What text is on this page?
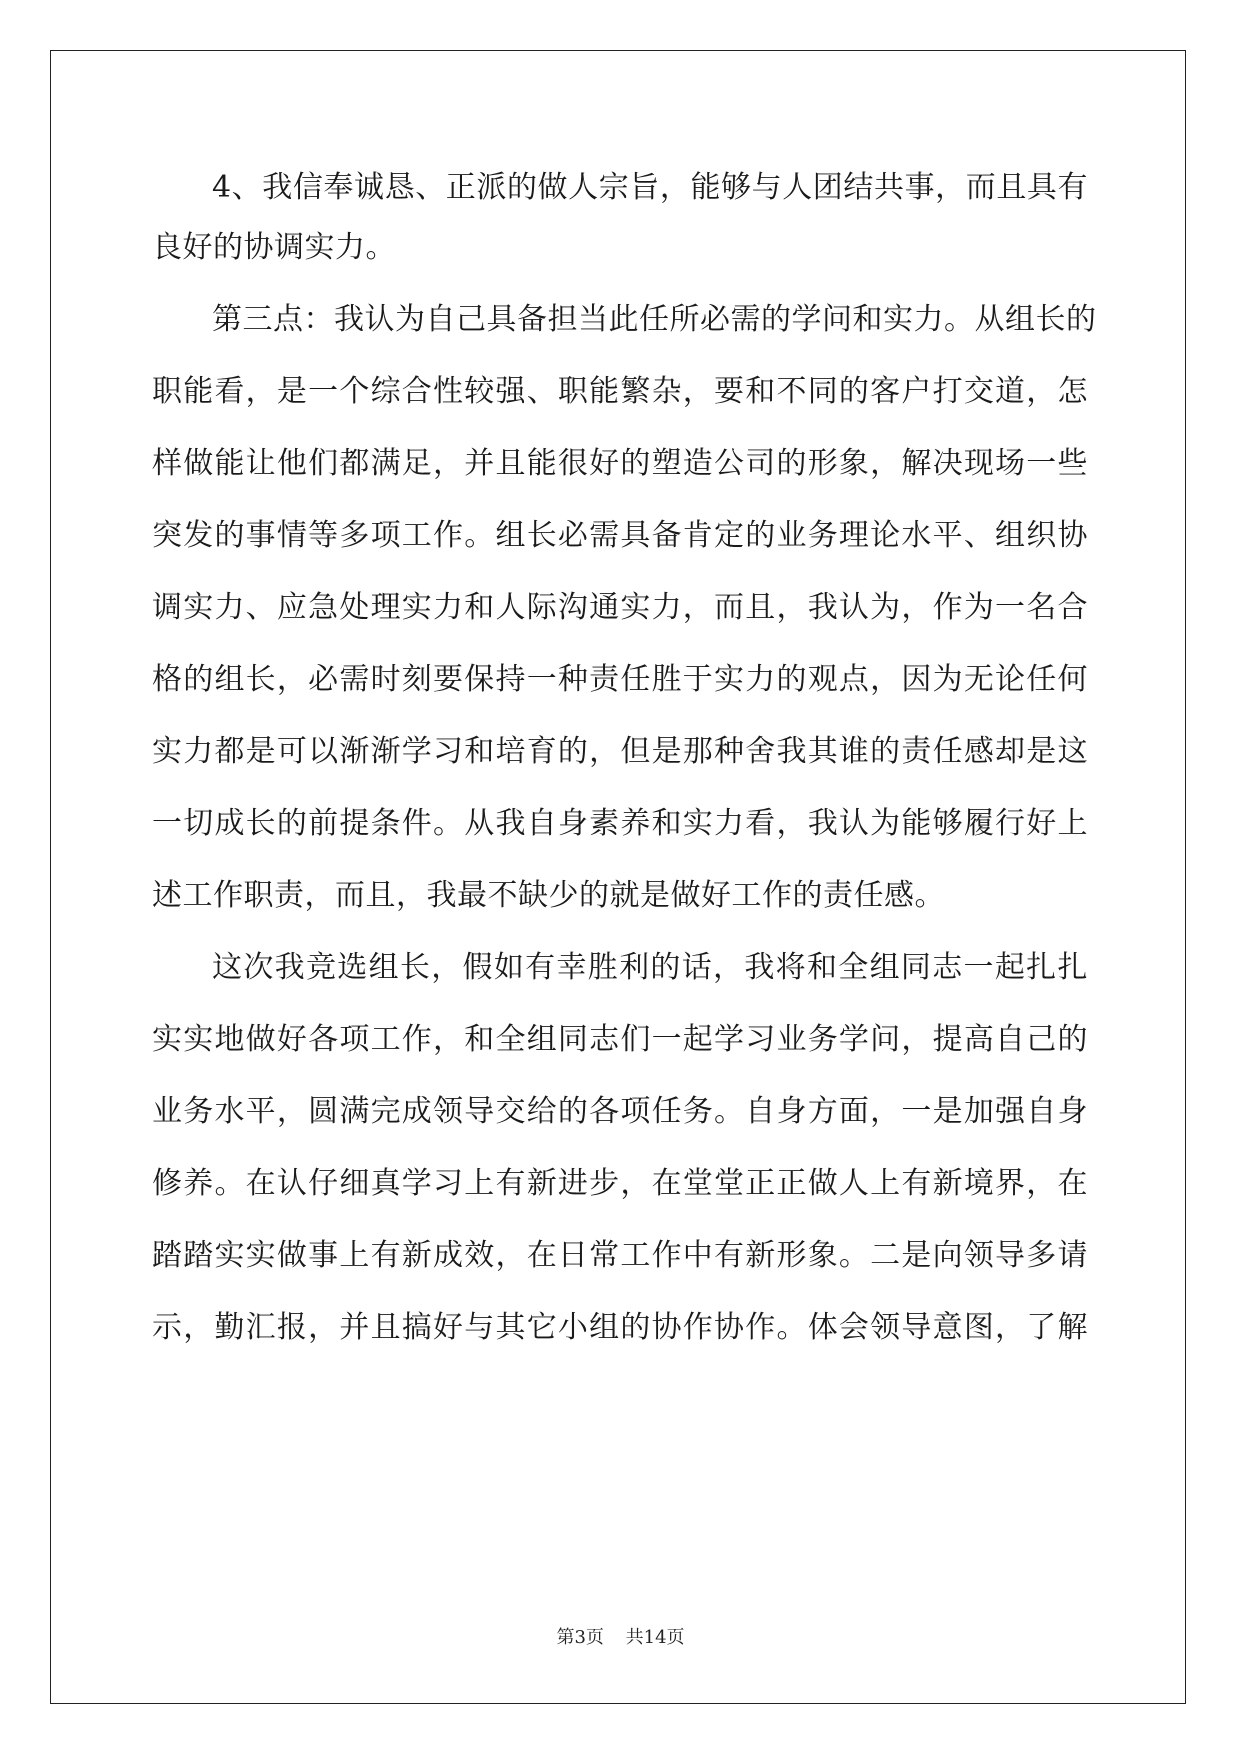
4、我信奉诚恳、正派的做人宗旨，能够与人团结共事，而且具有
良好的协调实力。
第三点：我认为自己具备担当此任所必需的学问和实力。从组长的
职能看，是一个综合性较强、职能繁杂，要和不同的客户打交道，怎
样做能让他们都满足，并且能很好的塑造公司的形象，解决现场一些
突发的事情等多项工作。组长必需具备肯定的业务理论水平、组织协
调实力、应急处理实力和人际沟通实力，而且，我认为，作为一名合
格的组长，必需时刻要保持一种责任胜于实力的观点，因为无论任何
实力都是可以渐渐学习和培育的，但是那种舍我其谁的责任感却是这
一切成长的前提条件。从我自身素养和实力看，我认为能够履行好上
述工作职责，而且，我最不缺少的就是做好工作的责任感。
这次我竞选组长，假如有幸胜利的话，我将和全组同志一起扎扎
实实地做好各项工作，和全组同志们一起学习业务学问，提高自己的
业务水平，圆满完成领导交给的各项任务。自身方面，一是加强自身
修养。在认仔细真学习上有新进步，在堂堂正正做人上有新境界，在
踏踏实实做事上有新成效，在日常工作中有新形象。二是向领导多请
示，勤汇报，并且搞好与其它小组的协作协作。体会领导意图，了解
第3页 共14页
